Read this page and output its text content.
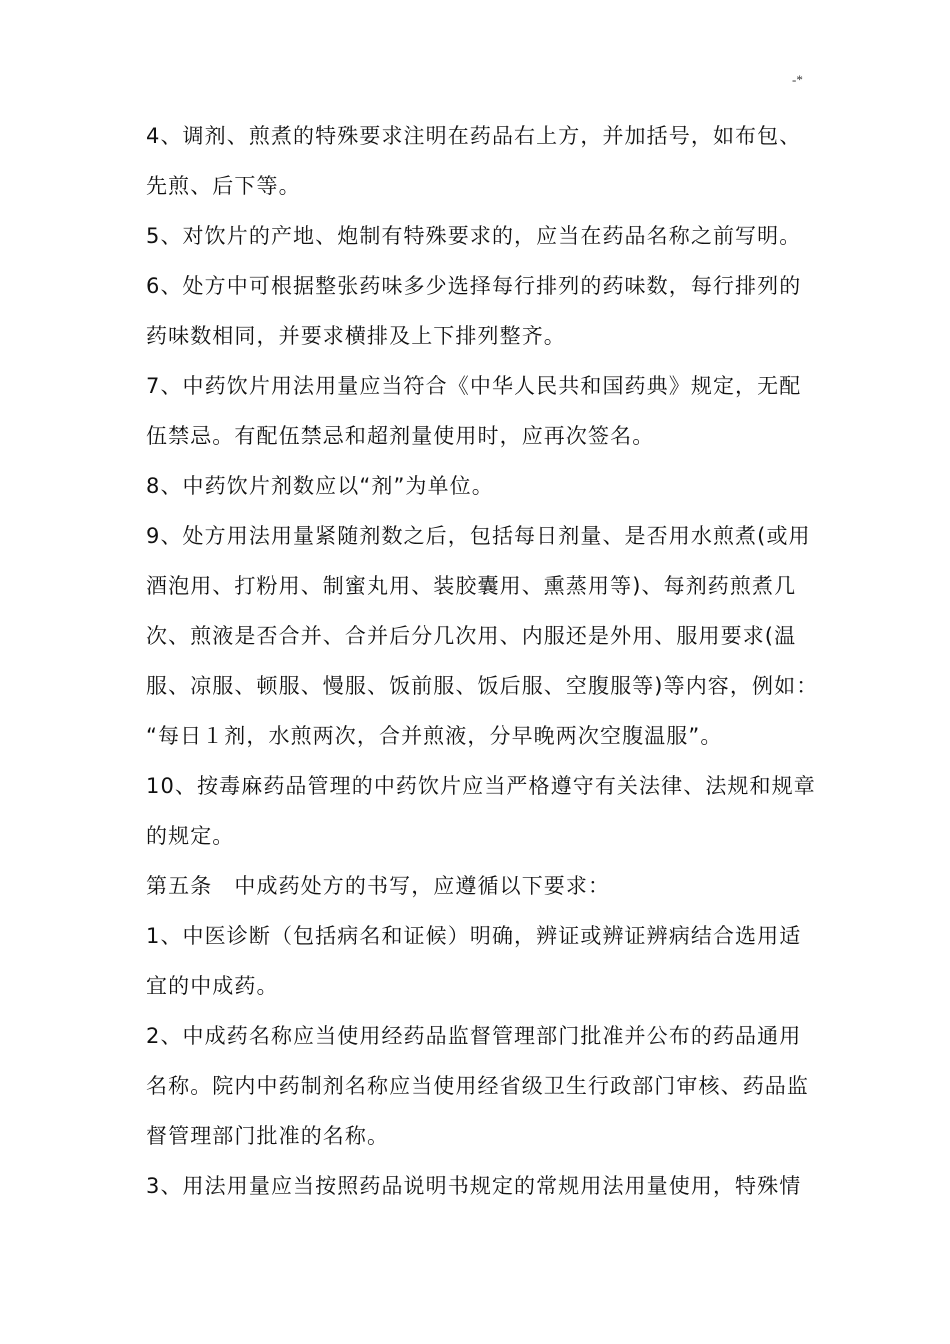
-*
4、调剂、煎煮的特殊要求注明在药品右上方，并加括号，如布包、
先煎、后下等。
5、对饮片的产地、炮制有特殊要求的，应当在药品名称之前写明。
6、处方中可根据整张药味多少选择每行排列的药味数，每行排列的
药味数相同，并要求横排及上下排列整齐。
7、中药饮片用法用量应当符合《中华人民共和国药典》规定，无配
伍禁忌。有配伍禁忌和超剂量使用时，应再次签名。
8、中药饮片剂数应以“剂”为单位。
9、处方用法用量紧随剂数之后，包括每日剂量、是否用水煎煮(或用
酒泡用、打粉用、制蜜丸用、装胶囊用、熏蒸用等)、每剂药煎煮几
次、煎液是否合并、合并后分几次用、内服还是外用、服用要求(温
服、凉服、顿服、慢服、饭前服、饭后服、空腹服等)等内容，例如：
“每日１剂，水煎两次，合并煎液，分早晚两次空腹温服”。
10、按毒麻药品管理的中药饮片应当严格遵守有关法律、法规和规章
的规定。
第五条　中成药处方的书写，应遵循以下要求：
1、中医诊断（包括病名和证候）明确，辨证或辨证辨病结合选用适
宜的中成药。
2、中成药名称应当使用经药品监督管理部门批准并公布的药品通用
名称。院内中药制剂名称应当使用经省级卫生行政部门审核、药品监
督管理部门批准的名称。
3、用法用量应当按照药品说明书规定的常规用法用量使用，特殊情
